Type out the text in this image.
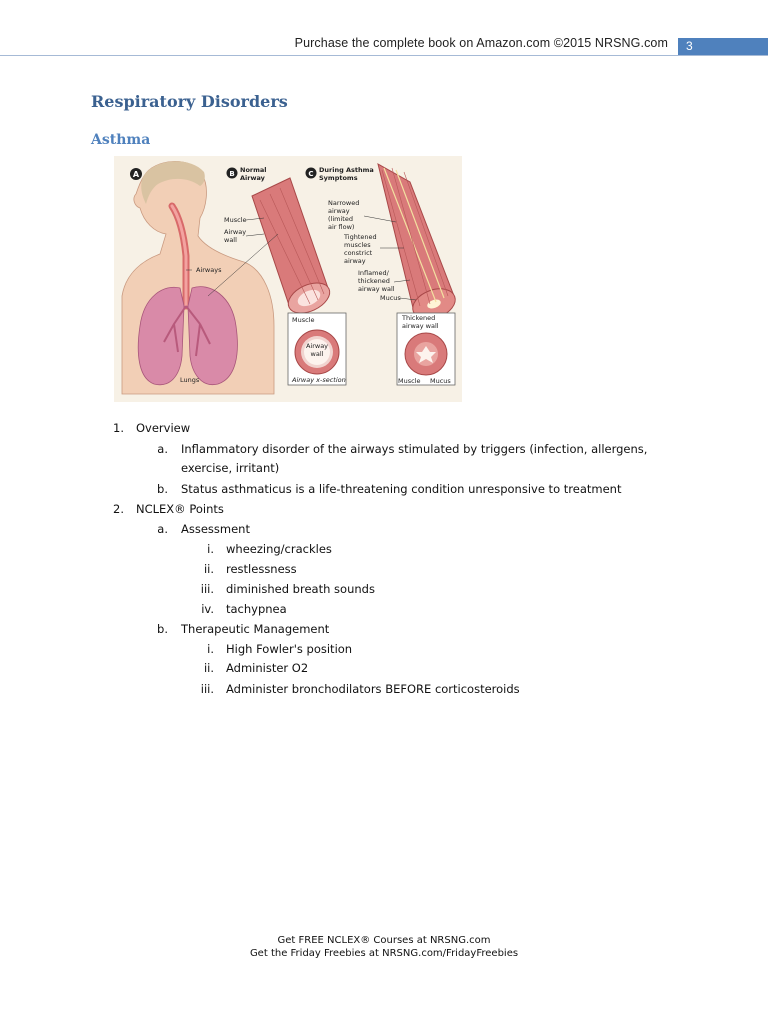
Purchase the complete book on Amazon.com ©2015 NRSNG.com 3
Respiratory Disorders
Asthma
A	B Normal
Airway	C During Asthma
Symptoms
Muscle
Airway
wall
Airways
Lungs
Narrowed
airway
(limited
air flow)
Tightened
muscles
constrict
airway
Inflamed/
thickened
airway wall
Mucus
Muscle
Airway
wall
Airway x-section
Thickened
airway wall
Muscle Mucus
1. Overview
a. Inflammatory disorder of the airways stimulated by triggers (infection, allergens,
exercise, irritant)
b. Status asthmaticus is a life-threatening condition unresponsive to treatment
2. NCLEX® Points
a. Assessment
i. wheezing/crackles
ii. restlessness
iii. diminished breath sounds
iv. tachypnea
b. Therapeutic Management
i. High Fowler's position
ii. Administer O2
iii. Administer bronchodilators BEFORE corticosteroids
Get FREE NCLEX® Courses at NRSNG.com
Get the Friday Freebies at NRSNG.com/FridayFreebies
